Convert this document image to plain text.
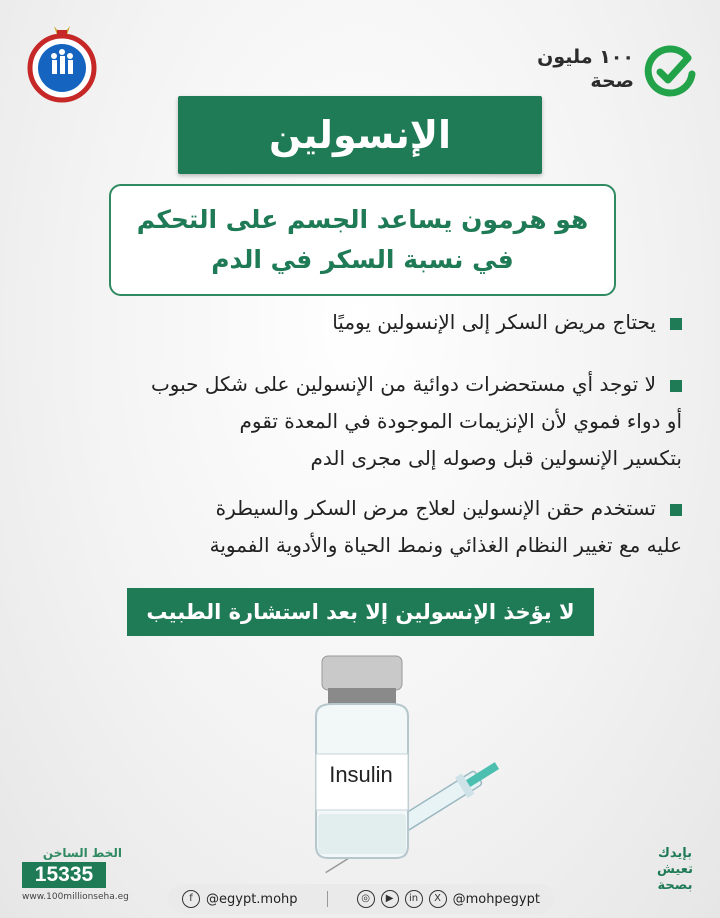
١٠٠ مليون
صحة
الإنسولين
هو هرمون يساعد الجسم على التحكم
في نسبة السكر في الدم
يحتاج مريض السكر إلى الإنسولين يوميًا
لا توجد أي مستحضرات دوائية من الإنسولين على شكل حبوب
أو دواء فموي لأن الإنزيمات الموجودة في المعدة تقوم
بتكسير الإنسولين قبل وصوله إلى مجرى الدم
تستخدم حقن الإنسولين لعلاج مرض السكر والسيطرة
عليه مع تغيير النظام الغذائي ونمط الحياة والأدوية الفموية
لا يؤخذ الإنسولين إلا بعد استشارة الطبيب
Insulin
الخط الساخن
15335
www.100millionseha.eg	f	@egypt.mohp	◎	▶	in	X @mohpegypt
بإيدك
تعيش
بصحة
